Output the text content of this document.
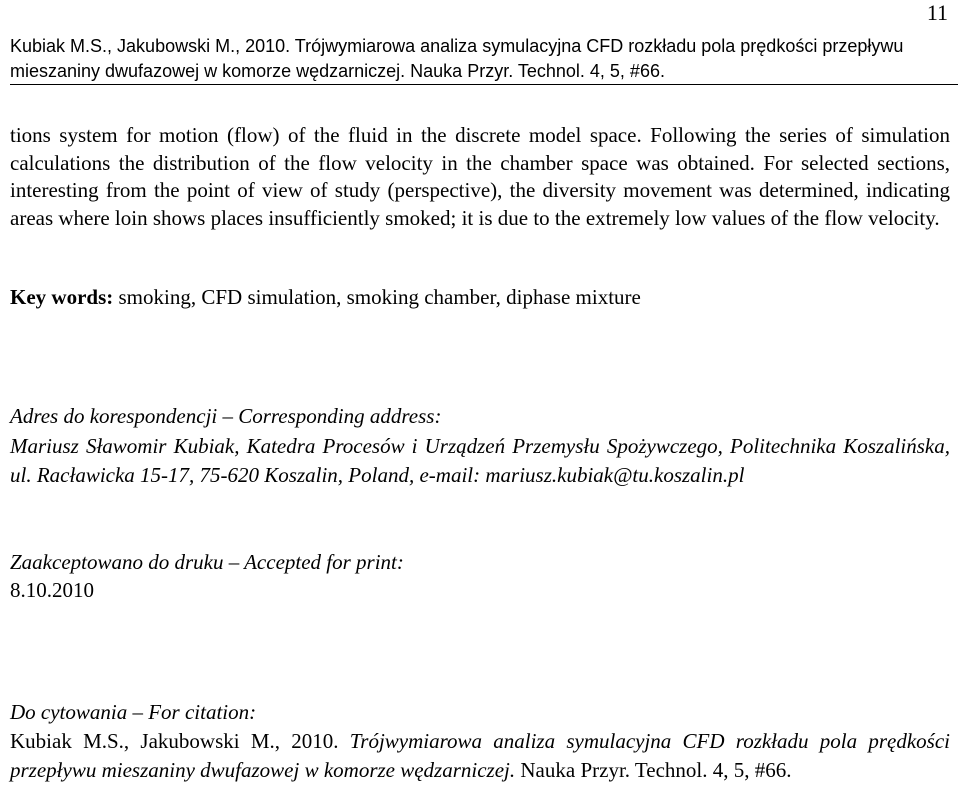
11
Kubiak M.S., Jakubowski M., 2010. Trójwymiarowa analiza symulacyjna CFD rozkładu pola prędkości przepływu
mieszaniny dwufazowej w komorze wędzarniczej. Nauka Przyr. Technol. 4, 5, #66.
tions system for motion (flow) of the fluid in the discrete model space. Following the series of simulation calculations the distribution of the flow velocity in the chamber space was obtained. For selected sections, interesting from the point of view of study (perspective), the diversity movement was determined, indicating areas where loin shows places insufficiently smoked; it is due to the extremely low values of the flow velocity.
Key words: smoking, CFD simulation, smoking chamber, diphase mixture
Adres do korespondencji – Corresponding address:
Mariusz Sławomir Kubiak, Katedra Procesów i Urządzeń Przemysłu Spożywczego, Politechnika Koszalińska, ul. Racławicka 15-17, 75-620 Koszalin, Poland, e-mail: mariusz.kubiak@tu.koszalin.pl
Zaakceptowano do druku – Accepted for print:
8.10.2010
Do cytowania – For citation:
Kubiak M.S., Jakubowski M., 2010. Trójwymiarowa analiza symulacyjna CFD rozkładu pola prędkości przepływu mieszaniny dwufazowej w komorze wędzarniczej. Nauka Przyr. Technol. 4, 5, #66.
